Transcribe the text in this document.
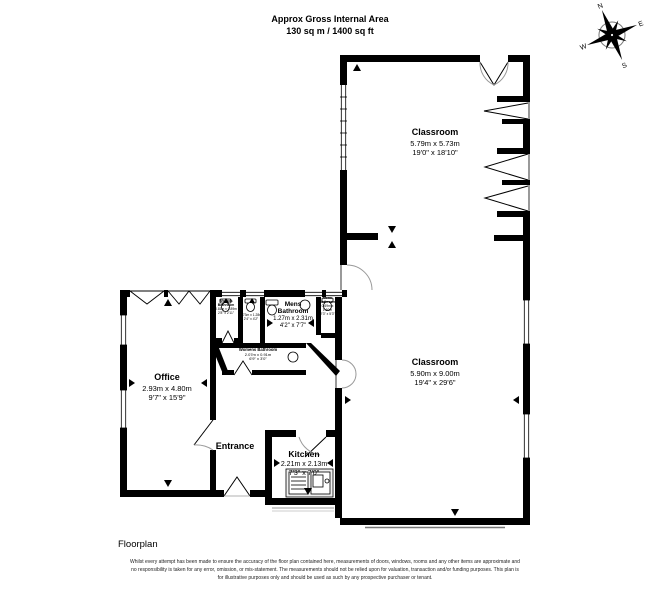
N
E
S
W
Approx Gross Internal Area
130 sq m / 1400 sq ft
Classroom
5.79m x 5.73m
19'0" x 18'10"
Classroom
5.90m x 9.00m
19'4" x 29'6"
Office
2.93m x 4.80m
9'7" x 15'9"
Mens Bathroom
1.27m x 2.31m
4'2" x 7'7"
Wc/kids Bathroom
0.81m x 0.89m
2'8" x 2'11"
0.73m x 1.28m
2'4" x 4'2"
Mens Bathroom
0.69m x 1.60m
2'3" x 5'3"
Womens Bathroom
2.07m x 0.91m
6'9" x 3'0"
Entrance
Kitchen
2.21m x 2.13m
7'3" x 7'0"
Floorplan
Whilst every attempt has been made to ensure the accuracy of the floor plan contained here, measurements of doors, windows, rooms and any other items are approximate and no responsibility is taken for any error, omission, or mis-statement. The measurements should not be relied upon for valuation, transaction and/or funding purposes. This plan is for illustrative purposes only and should be used as such by any prospective purchaser or tenant.
